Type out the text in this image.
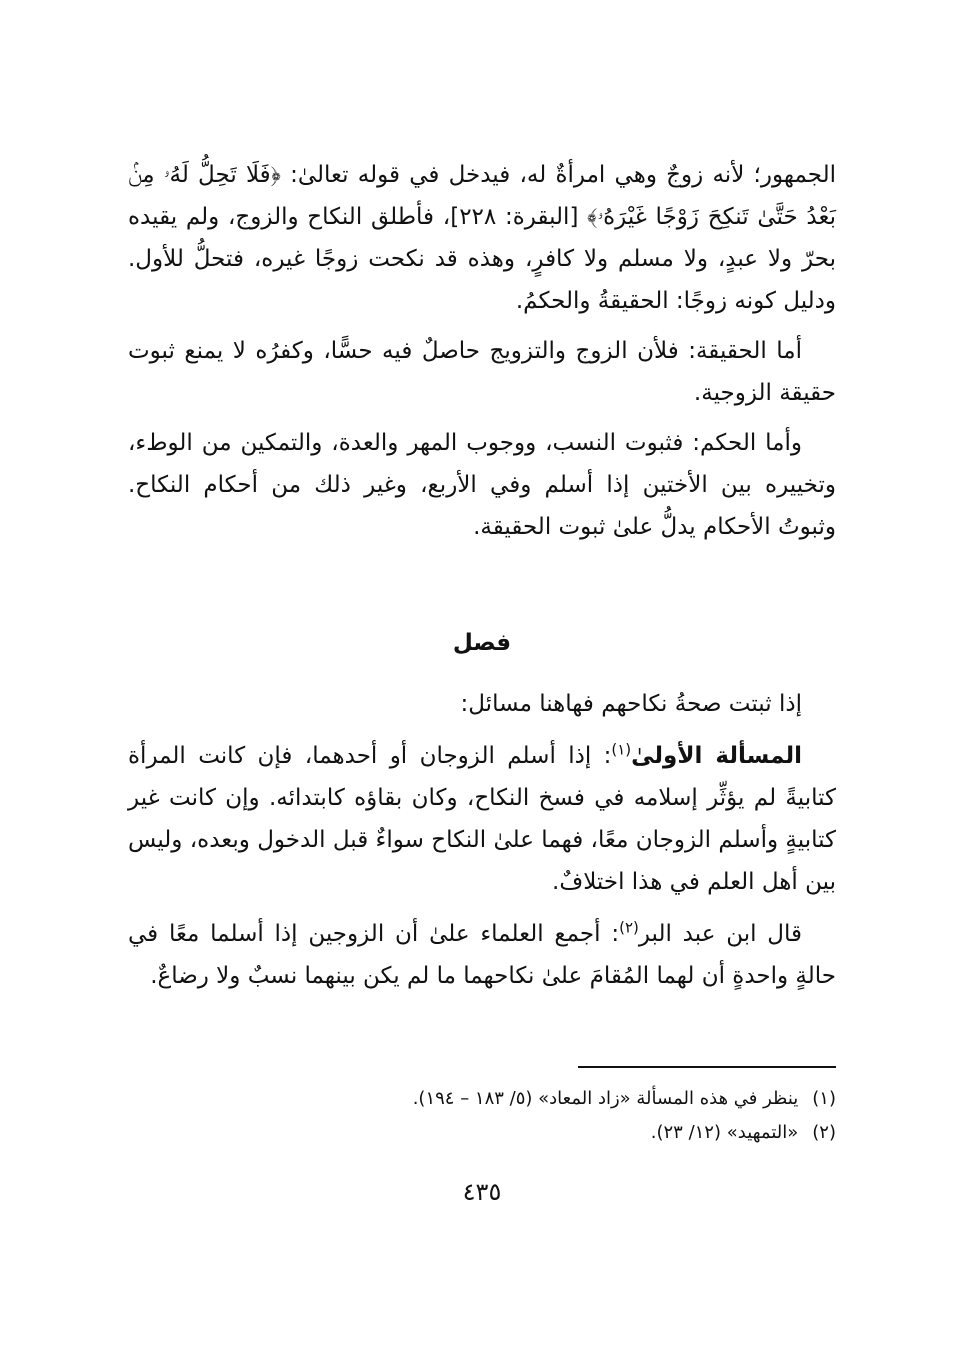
الجمهور؛ لأنه زوجٌ وهي امرأةٌ له، فيدخل في قوله تعالىٰ: ﴿فَلَا تَحِلُّ لَهُۥ مِنۢ بَعْدُ حَتَّىٰ تَنكِحَ زَوْجًا غَيْرَهُۥ﴾ [البقرة: ٢٢٨]، فأطلق النكاح والزوج، ولم يقيده بحرّ ولا عبدٍ، ولا مسلم ولا كافرٍ، وهذه قد نكحت زوجًا غيره، فتحلُّ للأول. ودليل كونه زوجًا: الحقيقةُ والحكمُ.

أما الحقيقة: فلأن الزوج والتزويج حاصلٌ فيه حسًّا، وكفرُه لا يمنع ثبوت حقيقة الزوجية.

وأما الحكم: فثبوت النسب، ووجوب المهر والعدة، والتمكين من الوطء، وتخييره بين الأختين إذا أسلم وفي الأربع، وغير ذلك من أحكام النكاح. وثبوتُ الأحكام يدلُّ علىٰ ثبوت الحقيقة.

فصل

إذا ثبتت صحةُ نكاحهم فهاهنا مسائل:

المسألة الأولىٰ$^{(١)}$: إذا أسلم الزوجان أو أحدهما، فإن كانت المرأة كتابيةً لم يؤثِّر إسلامه في فسخ النكاح، وكان بقاؤه كابتدائه. وإن كانت غير كتابيةٍ وأسلم الزوجان معًا، فهما علىٰ النكاح سواءٌ قبل الدخول وبعده، وليس بين أهل العلم في هذا اختلافٌ.

قال ابن عبد البر$^{(٢)}$: أجمع العلماء علىٰ أن الزوجين إذا أسلما معًا في حالةٍ واحدةٍ أن لهما المُقامَ علىٰ نكاحهما ما لم يكن بينهما نسبٌ ولا رضاعٌ.

(١)ينظر في هذه المسألة «زاد المعاد» (٥/ ١٨٣ – ١٩٤).
(٢)«التمهيد» (١٢/ ٢٣).
٤٣٥
